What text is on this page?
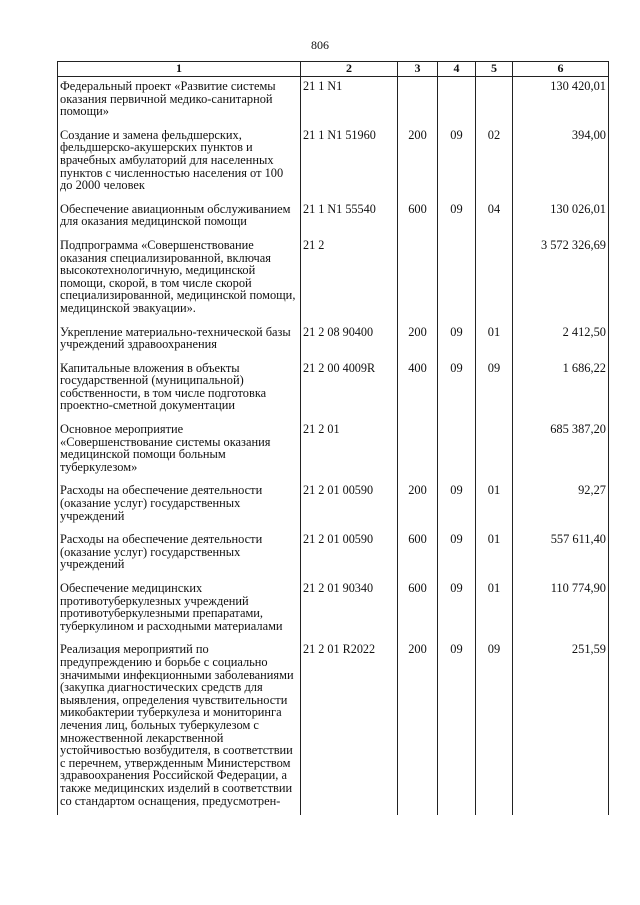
806
1	2	3	4	5	6
Федеральный проект «Развитие системы оказания первичной медико-санитарной помощи»	21 1 N1				130 420,01
Создание и замена фельдшерских, фельдшерско-акушерских пунктов и врачебных амбулаторий для населенных пунктов с численностью населения от 100 до 2000 человек	21 1 N1 51960	200	09	02	394,00
Обеспечение авиационным обслуживанием для оказания медицинской помощи	21 1 N1 55540	600	09	04	130 026,01
Подпрограмма «Совершенствование оказания специализированной, включая высокотехнологичную, медицинской помощи, скорой, в том числе скорой специализированной, медицинской помощи, медицинской эвакуации».	21 2				3 572 326,69
Укрепление материально-технической базы учреждений здравоохранения	21 2 08 90400	200	09	01	2 412,50
Капитальные вложения в объекты государственной (муниципальной) собственности, в том числе подготовка проектно-сметной документации	21 2 00 4009R	400	09	09	1 686,22
Основное мероприятие «Совершенствование системы оказания медицинской помощи больным туберкулезом»	21 2 01				685 387,20
Расходы на обеспечение деятельности (оказание услуг) государственных учреждений	21 2 01 00590	200	09	01	92,27
Расходы на обеспечение деятельности (оказание услуг) государственных учреждений	21 2 01 00590	600	09	01	557 611,40
Обеспечение медицинских противотуберкулезных учреждений противотуберкулезными препаратами, туберкулином и расходными материалами	21 2 01 90340	600	09	01	110 774,90
Реализация мероприятий по предупреждению и борьбе с социально значимыми инфекционными заболеваниями (закупка диагностических средств для выявления, определения чувствительности микобактерии туберкулеза и мониторинга лечения лиц, больных туберкулезом с множественной лекарственной устойчивостью возбудителя, в соответствии с перечнем, утвержденным Министерством здравоохранения Российской Федерации, а также медицинских изделий в соответствии со стандартом оснащения, предусмотрен-	21 2 01 R2022	200	09	09	251,59
